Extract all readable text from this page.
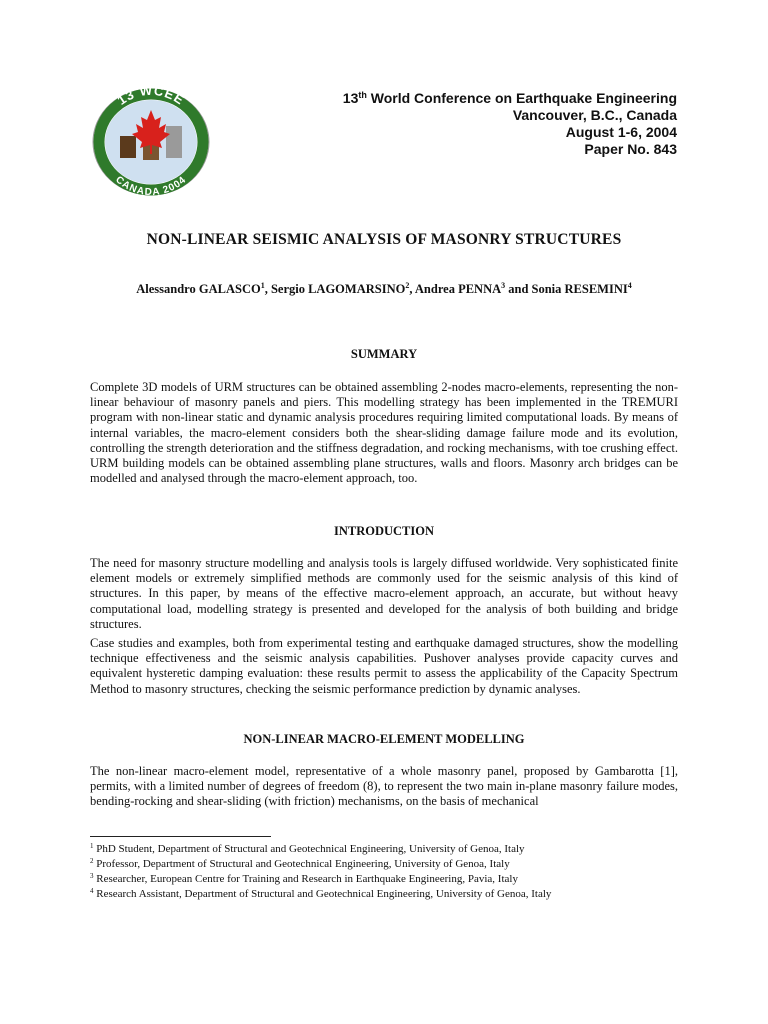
13 WCEE
CANADA 2004
13th World Conference on Earthquake Engineering
Vancouver, B.C., Canada
August 1-6, 2004
Paper No. 843
NON-LINEAR SEISMIC ANALYSIS OF MASONRY STRUCTURES
Alessandro GALASCO$^1$, Sergio LAGOMARSINO$^2$, Andrea PENNA$^3$ and Sonia RESEMINI$^4$
SUMMARY

Complete 3D models of URM structures can be obtained assembling 2-nodes macro-elements, representing the non-linear behaviour of masonry panels and piers. This modelling strategy has been implemented in the TREMURI program with non-linear static and dynamic analysis procedures requiring limited computational loads. By means of internal variables, the macro-element considers both the shear-sliding damage failure mode and its evolution, controlling the strength deterioration and the stiffness degradation, and rocking mechanisms, with toe crushing effect. URM building models can be obtained assembling plane structures, walls and floors. Masonry arch bridges can be modelled and analysed through the macro-element approach, too.

INTRODUCTION

The need for masonry structure modelling and analysis tools is largely diffused worldwide. Very sophisticated finite element models or extremely simplified methods are commonly used for the seismic analysis of this kind of structures. In this paper, by means of the effective macro-element approach, an accurate, but without heavy computational load, modelling strategy is presented and developed for the analysis of both building and bridge structures.

Case studies and examples, both from experimental testing and earthquake damaged structures, show the modelling technique effectiveness and the seismic analysis capabilities. Pushover analyses provide capacity curves and equivalent hysteretic damping evaluation: these results permit to assess the applicability of the Capacity Spectrum Method to masonry structures, checking the seismic performance prediction by dynamic analyses.

NON-LINEAR MACRO-ELEMENT MODELLING

The non-linear macro-element model, representative of a whole masonry panel, proposed by Gambarotta [1], permits, with a limited number of degrees of freedom (8), to represent the two main in-plane masonry failure modes, bending-rocking and shear-sliding (with friction) mechanisms, on the basis of mechanical

$^1$ PhD Student, Department of Structural and Geotechnical Engineering, University of Genoa, Italy
$^2$ Professor, Department of Structural and Geotechnical Engineering, University of Genoa, Italy
$^3$ Researcher, European Centre for Training and Research in Earthquake Engineering, Pavia, Italy
$^4$ Research Assistant, Department of Structural and Geotechnical Engineering, University of Genoa, Italy
